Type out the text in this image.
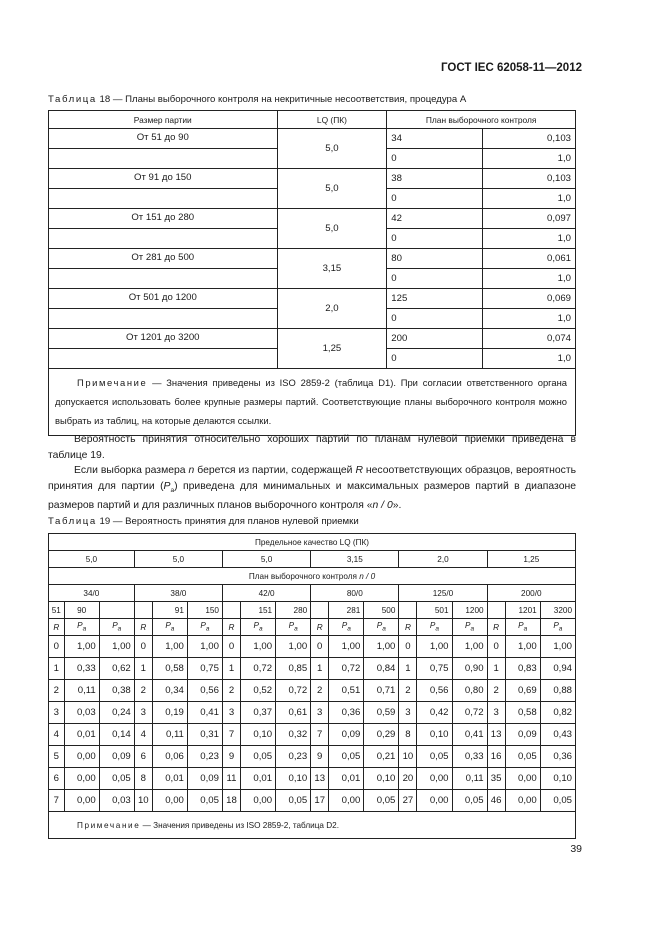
ГОСТ IEC 62058-11—2012
Таблица 18 — Планы выборочного контроля на некритичные несоответствия, процедура А
Размер партии	LQ (ПК)	План выборочного контроля	
От 51 до 90	5,0	34	0,103
		0	1,0
От 91 до 150	5,0	38	0,103
		0	1,0
От 151 до 280	5,0	42	0,097
		0	1,0
От 281 до 500	3,15	80	0,061
		0	1,0
От 501 до 1200	2,0	125	0,069
		0	1,0
От 1201 до 3200	1,25	200	0,074
		0	1,0
Примечание — Значения приведены из ISO 2859-2 (таблица D1). При согласии ответственного органа допускается использовать более крупные размеры партий. Соответствующие планы выборочного контроля можно выбрать из таблиц, на которые делаются ссылки.			

Вероятность принятия относительно хороших партий по планам нулевой приемки приведена в таблице 19.

Если выборка размера n берется из партии, содержащей R несоответствующих образцов, вероятность принятия для партии $(P_a)$ приведена для минимальных и максимальных размеров партий в диапазоне размеров партий и для различных планов выборочного контроля «n / 0».

Таблица 19 — Вероятность принятия для планов нулевой приемки
Предельное качество LQ (ПК)																	
5,0			5,0			5,0			3,15			2,0			1,25		
План выборочного контроля n / 0																	
34/0			38/0			42/0			80/0			125/0			200/0		
51	90			91	150		151	280		281	500		501	1200		1201	3200
R	$P_a$	$P_a$	R	$P_a$	$P_a$	R	$P_a$	$P_a$	R	$P_a$	$P_a$	R	$P_a$	$P_a$	R	$P_a$	$P_a$
0	1,00	1,00	0	1,00	1,00	0	1,00	1,00	0	1,00	1,00	0	1,00	1,00	0	1,00	1,00
1	0,33	0,62	1	0,58	0,75	1	0,72	0,85	1	0,72	0,84	1	0,75	0,90	1	0,83	0,94
2	0,11	0,38	2	0,34	0,56	2	0,52	0,72	2	0,51	0,71	2	0,56	0,80	2	0,69	0,88
3	0,03	0,24	3	0,19	0,41	3	0,37	0,61	3	0,36	0,59	3	0,42	0,72	3	0,58	0,82
4	0,01	0,14	4	0,11	0,31	7	0,10	0,32	7	0,09	0,29	8	0,10	0,41	13	0,09	0,43
5	0,00	0,09	6	0,06	0,23	9	0,05	0,23	9	0,05	0,21	10	0,05	0,33	16	0,05	0,36
6	0,00	0,05	8	0,01	0,09	11	0,01	0,10	13	0,01	0,10	20	0,00	0,11	35	0,00	0,10
7	0,00	0,03	10	0,00	0,05	18	0,00	0,05	17	0,00	0,05	27	0,00	0,05	46	0,00	0,05
Примечание — Значения приведены из ISO 2859-2, таблица D2.																	
39
